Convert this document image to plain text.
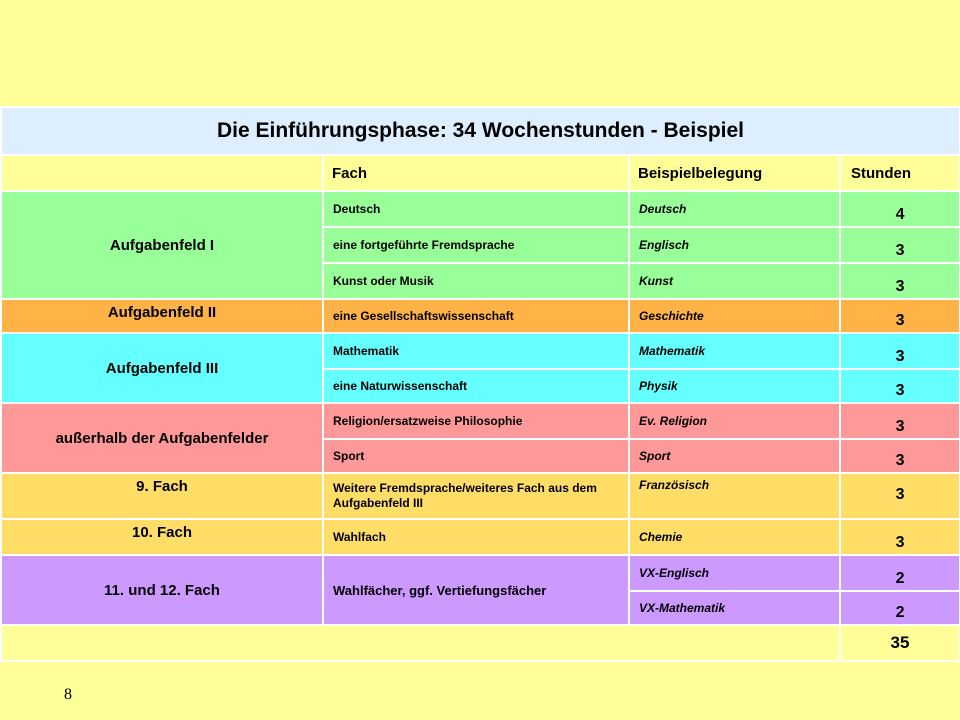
Die Einführungsphase: 34 Wochenstunden - Beispiel			
	Fach	Beispielbelegung	Stunden
Aufgabenfeld I	Deutsch	Deutsch	4
	eine fortgeführte Fremdsprache	Englisch	3
	Kunst oder Musik	Kunst	3
Aufgabenfeld II	eine Gesellschaftswissenschaft	Geschichte	3
Aufgabenfeld III	Mathematik	Mathematik	3
	eine Naturwissenschaft	Physik	3
außerhalb der Aufgabenfelder	Religion/ersatzweise Philosophie	Ev. Religion	3
	Sport	Sport	3
9. Fach	Weitere Fremdsprache/weiteres Fach aus dem Aufgabenfeld III	Französisch	3
10. Fach	Wahlfach	Chemie	3
11. und 12. Fach	Wahlfächer, ggf. Vertiefungsfächer	VX-Englisch	2
		VX-Mathematik	2
			35
8
